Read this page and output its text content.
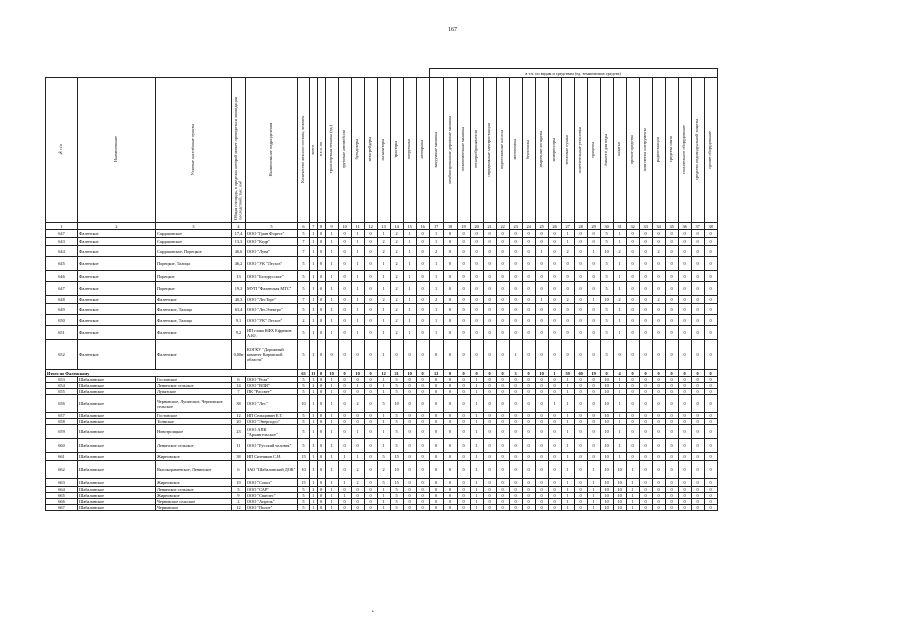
167
																в т.ч. по видам и средствам (ед. технических средств)																					
№ п/п	Наименование	Узловые населённые пункты	Общая площадь, в пределах которой может проводиться ликвидация последствий, тыс. км²	Наименование подразделения	Количество личного состава, человек	всего	в т.ч. по	транспортная техника (ед.)	грузовые автомобили	бульдозеры	автогрейдеры	экскаваторы	тракторы	погрузчики	автокраны	вакуумные машины	комбинированные дорожные машины	поливомоечные машины	пескоразбрасыватели	передвижные электростанции	водоотливные насосы	мотопомпы	бензопилы	сварочные аппараты	компрессоры	тепловые пушки	осветительные установки	прицепы	ёмкости для воды	палатки	прочие средства	комплекты инструмента	радиостанции	средства связи	спасательное оборудование	средства индивидуальной защиты	прочее оборудование
1	2	3	4	5	6	7	8	9	10	11	12	13	14	15	16	17	18	19	20	21	22	23	24	25	26	27	28	29	30	31	32	33	34	35	36	37	38
647	Фаленское	Сардаковское	17,4	ООО "Грин Форест"	5	1	0	1	0	1	0	1	2	1	0	1	0	0	0	0	0	0	0	0	0	1	0	0	5	1	0	0	0	0	0	0	0
643	Фаленское	Сардаковское	13,3	ООО "Кедр"	7	1	0	1	0	1	0	2	2	1	0	1	0	0	0	0	0	0	0	0	0	1	0	0	5	1	0	0	0	0	0	0	0
644	Фаленское	Сардаковское, Порецкое	46,6	ООО "Луна"	7	1	0	1	0	1	0	2	2	1	0	2	0	0	0	0	0	0	0	1	0	2	0	1	10	2	0	0	2	0	0	0	0
645	Фаленское	Порецкое, Талица	46,2	ООО "УК "Лесхоз"	5	1	0	1	0	1	0	1	2	1	0	1	0	0	0	0	0	0	0	0	0	0	0	0	5	1	0	0	0	0	0	0	0
646	Фаленское	Порецкое	13	ООО "Белорусское"	5	1	0	1	0	1	0	1	2	1	0	1	0	0	0	0	0	0	0	0	0	0	0	0	5	1	0	0	0	0	0	0	0
647	Фаленское	Порецкое	19,3	МУП "Фаленская МТС"	5	1	0	1	0	1	0	1	2	1	0	1	0	0	0	0	0	0	0	0	0	0	0	0	5	1	0	0	0	0	0	0	0
648	Фаленское	Фаленское	40,3	ООО "ЛесТорг"	7	1	0	1	0	1	0	2	2	1	0	2	0	0	0	0	0	0	0	1	0	2	0	1	10	2	0	0	2	0	0	0	0
649	Фаленское	Фаленское, Талица	63,4	ООО "ЛесЭлектро"	5	1	0	1	0	1	0	1	2	1	0	1	0	0	0	0	0	0	0	0	0	0	0	0	5	1	0	0	0	0	0	0	0
650	Фаленское	Фаленское, Талица	9,1	ООО "УК" Лесхоз"	2	1	0	1	0	1	0	1	2	1	0	1	0	0	0	0	0	0	0	0	0	0	0	0	5	1	0	0	0	0	0	0	0
651	Фаленское	Фаленское	9,2	ИП глава КФХ Ефремов А.Ю.	5	1	0	1	0	1	0	1	2	1	0	1	0	0	0	0	0	0	0	0	0	0	0	0	5	1	0	0	0	0	0	0	0
652	Фаленское	Фаленское	0,00н	КОГКУ "Дорожный комитет Кировской области"	5	1	0	0	0	0	0	1	0	0	0	0	0	0	0	0	0	1	0	0	0	0	0	0	5	0	0	0	0	0	0	0	0
Итого по Фаленскому					63	11	0	10	0	10	0	12	21	10	0	12	0	0	0	0	0	3	0	10	1	59	60	19	0	4	0	0	0	0	0	0	0
653	Шабалинское	Гостовское	6	ООО "Роза"	5	1	0	1	0	0	0	1	5	0	0	0	0	0	1	0	0	0	0	0	0	1	0	0	10	1	0	0	0	0	0	0	0
654	Шабалинское	Ленинское сельское	14	ООО "ВЛИ"	5	1	0	1	0	1	0	1	5	0	0	0	0	0	1	0	0	0	0	0	0	1	0	0	10	1	0	0	0	0	0	0	0
655	Шабалинское	Лупятское	7	ПК "Рассвет"	5	1	0	1	0	0	0	1	5	0	0	0	0	0	1	0	0	0	0	0	0	1	0	0	10	1	0	0	0	0	0	0	0
656	Шабалинское	Черновское, Лупятское, Черновское сельское	38	ООО "Лес"	10	1	0	1	0	2	0	5	10	0	0	0	0	0	1	0	0	0	0	0	1	1	0	0	10	1	0	0	0	0	0	0	0
657	Шабалинское	Гостовское	12	ИП Сельцинин Е.Т.	5	1	0	1	0	0	0	1	5	0	0	0	0	0	1	0	0	0	0	0	0	1	0	0	10	1	0	0	0	0	0	0	0
658	Шабалинское	Тоннское	20	ООО "Энергодос"	5	1	0	1	0	0	0	1	5	0	0	0	0	0	1	0	0	0	0	0	0	1	0	0	10	1	0	0	0	0	0	0	0
659	Шабалинское	Новотроицкое	23	ООО АПК "Архангельское"	5	1	0	1	0	1	0	1	5	0	0	0	0	0	1	0	0	0	0	0	0	1	0	0	10	1	0	0	0	0	0	0	0
660	Шабалинское	Ленинское сельское	11	ООО "Русский человек"	5	1	0	1	0	0	0	1	5	0	0	0	0	0	1	0	0	0	0	0	0	1	0	0	10	1	0	0	0	0	0	0	0
661	Шабалинское	Жирновское	38	ИП Ситников С.Н.	15	1	0	1	1	1	0	5	15	0	0	0	0	0	1	0	0	0	0	0	0	1	0	0	10	1	0	0	0	0	0	0	0
662	Шабалинское	Высокораменское, Ленинское	6	ЗАО "Шабалинский ДОК"	10	1	0	1	0	2	0	2	10	0	0	0	0	0	1	0	0	0	0	0	0	1	0	1	10	10	1	0	0	0	0	0	0
663	Шабалинское	Жирновское	19	ООО "Сокол"	15	1	0	1	1	2	0	5	15	0	0	0	0	0	1	0	0	0	0	0	0	1	0	1	10	10	1	0	0	0	0	0	0
664	Шабалинское	Ленинское сельское	5	ООО "САР"	5	1	0	1	0	0	0	1	5	0	0	0	0	0	1	0	0	0	0	0	0	1	0	1	10	10	1	0	0	0	0	0	0
665	Шабалинское	Жирновское	9	ООО "Святлес"	5	1	0	1	1	0	0	1	5	0	0	0	0	0	1	0	0	0	0	0	0	1	0	1	10	10	1	0	0	0	0	0	0
666	Шабалинское	Черновское сельское	2	ООО "Апрель"	5	1	0	1	0	0	0	1	5	0	0	0	0	0	1	0	0	0	0	0	0	1	0	1	10	10	1	0	0	0	0	0	0
667	Шабалинское	Черновское	12	ООО "Пилот"	5	1	0	1	0	0	0	1	5	0	0	0	0	0	1	0	0	0	0	0	0	1	0	1	10	10	1	0	0	0	0	0	0
•
